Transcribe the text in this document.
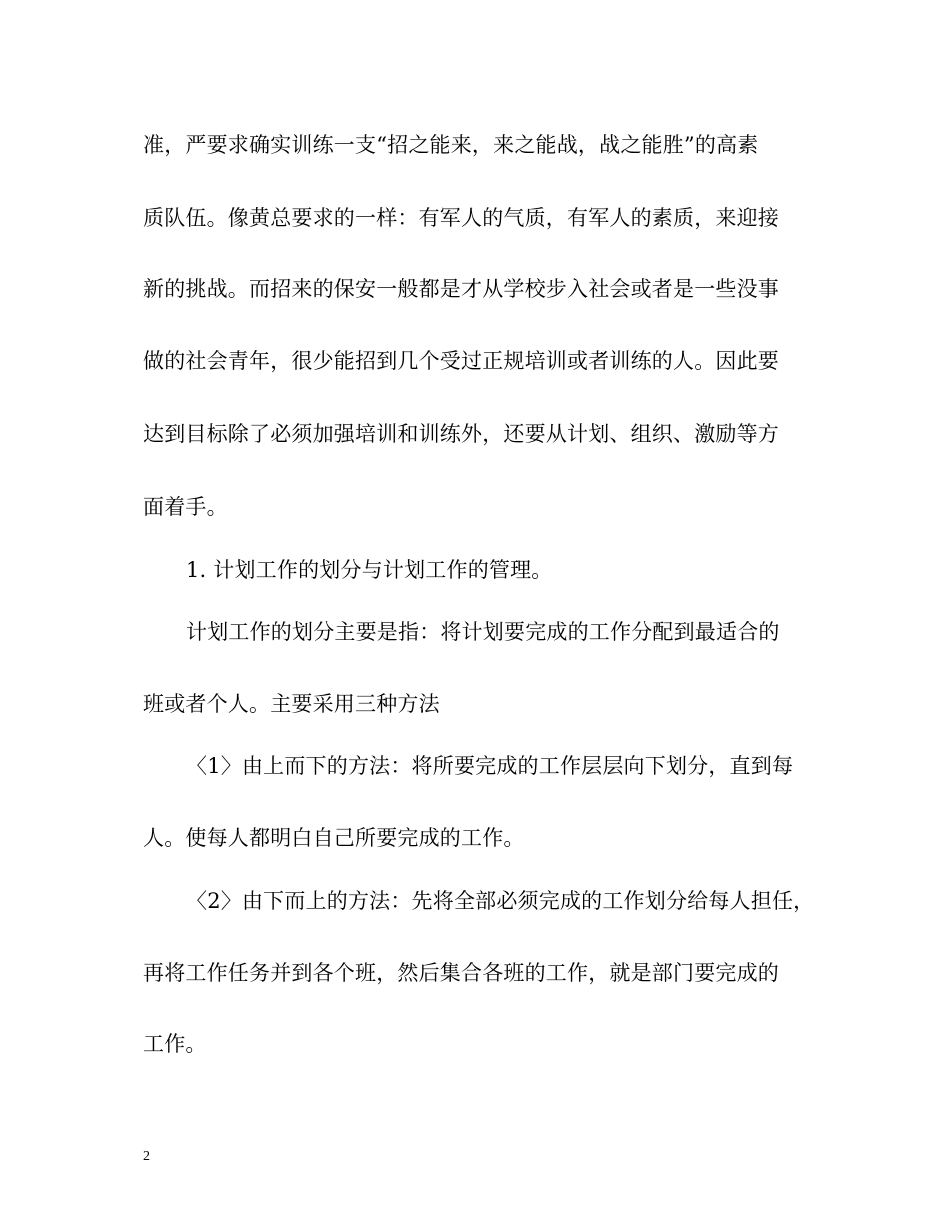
准，严要求确实训练一支“招之能来，来之能战，战之能胜”的高素
质队伍。像黄总要求的一样：有军人的气质，有军人的素质，来迎接
新的挑战。而招来的保安一般都是才从学校步入社会或者是一些没事
做的社会青年，很少能招到几个受过正规培训或者训练的人。因此要
达到目标除了必须加强培训和训练外，还要从计划、组织、激励等方
面着手。
1. 计划工作的划分与计划工作的管理。
计划工作的划分主要是指：将计划要完成的工作分配到最适合的
班或者个人。主要采用三种方法
〈1〉由上而下的方法：将所要完成的工作层层向下划分，直到每
人。使每人都明白自己所要完成的工作。
〈2〉由下而上的方法：先将全部必须完成的工作划分给每人担任，
再将工作任务并到各个班，然后集合各班的工作，就是部门要完成的
工作。
2
